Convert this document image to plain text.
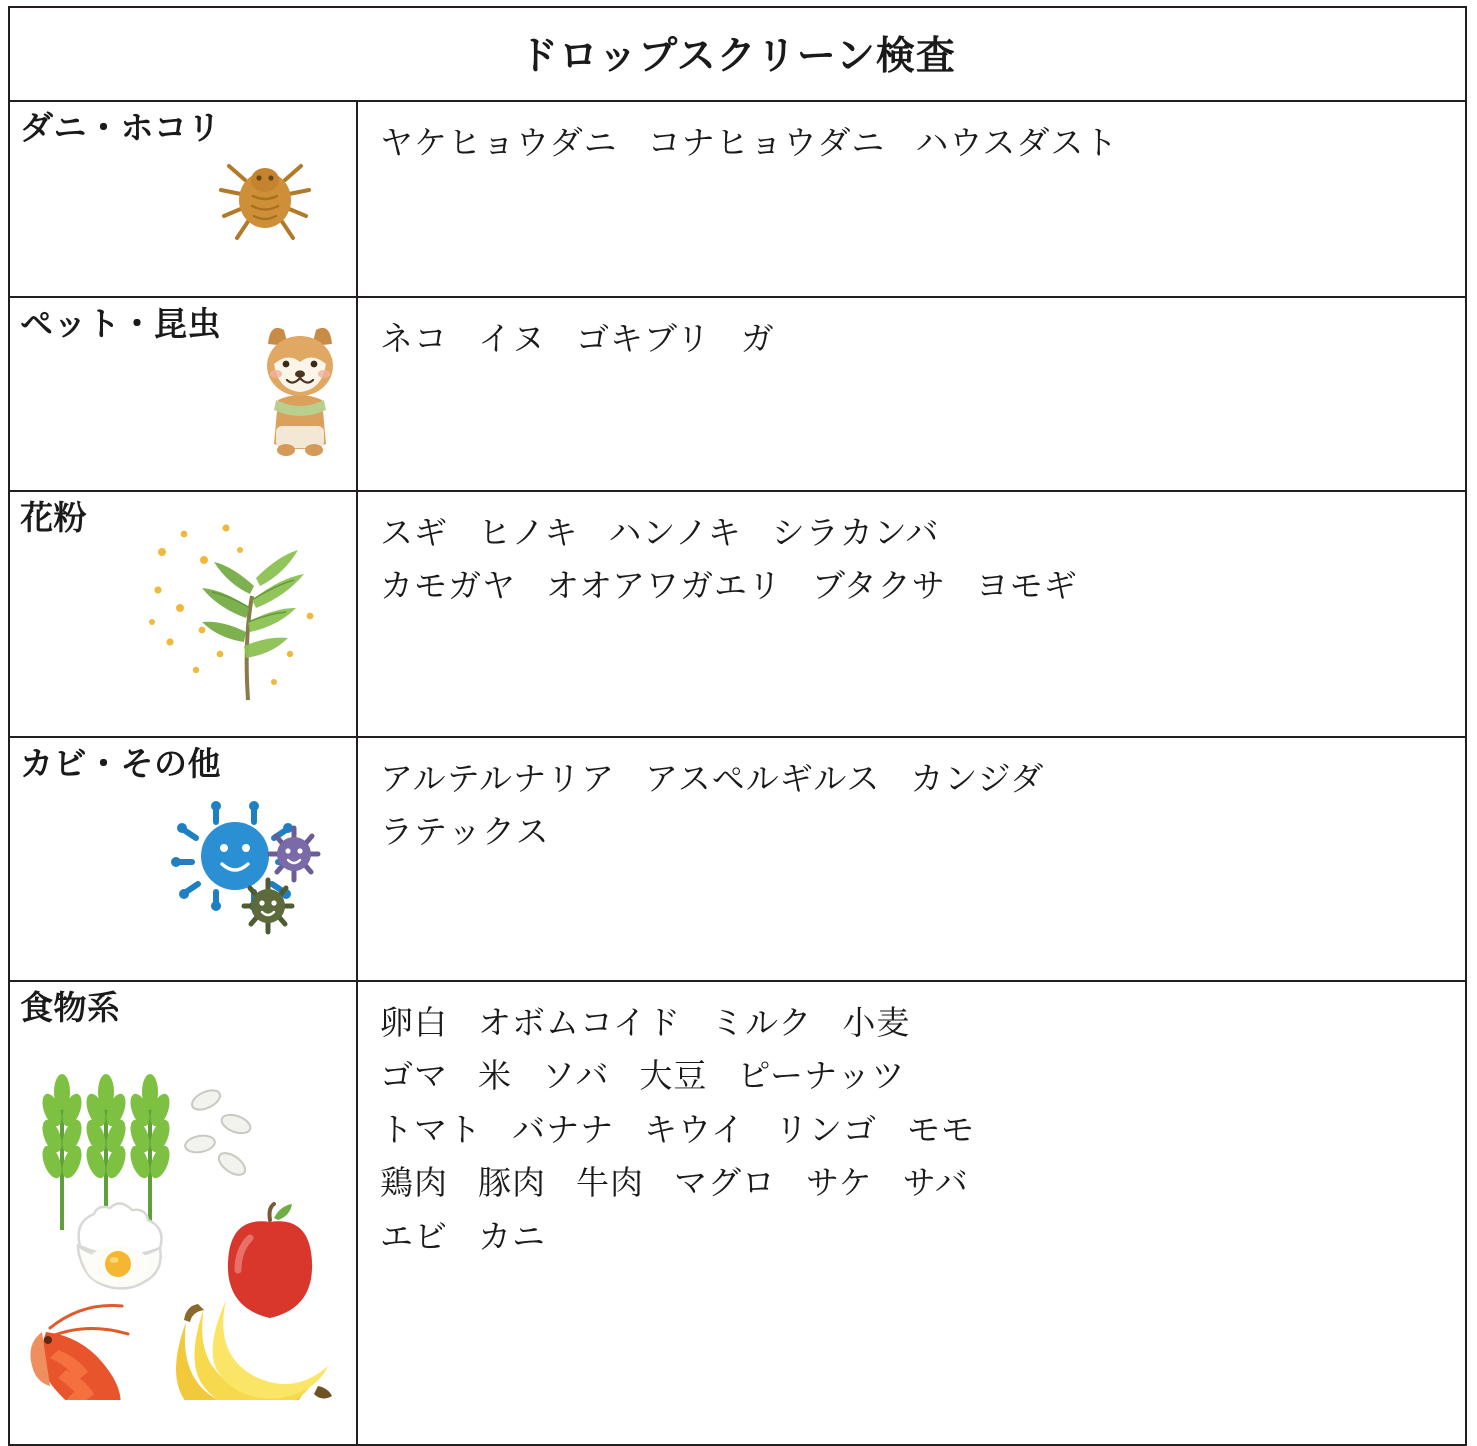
ドロップスクリーン検査	

ダニ・ホコリ	ヤケヒョウダニ コナヒョウダニ ハウスダスト

ペット・昆虫	ネコ イヌ ゴキブリ ガ

花粉	スギ ヒノキ ハンノキ シラカンバ
カモガヤ オオアワガエリ ブタクサ ヨモギ

カビ・その他	アルテルナリア アスペルギルス カンジダ
ラテックス

食物系	卵白 オボムコイド ミルク 小麦
ゴマ 米 ソバ 大豆 ピーナッツ
トマト バナナ キウイ リンゴ モモ
鶏肉 豚肉 牛肉 マグロ サケ サバ
エビ カニ
